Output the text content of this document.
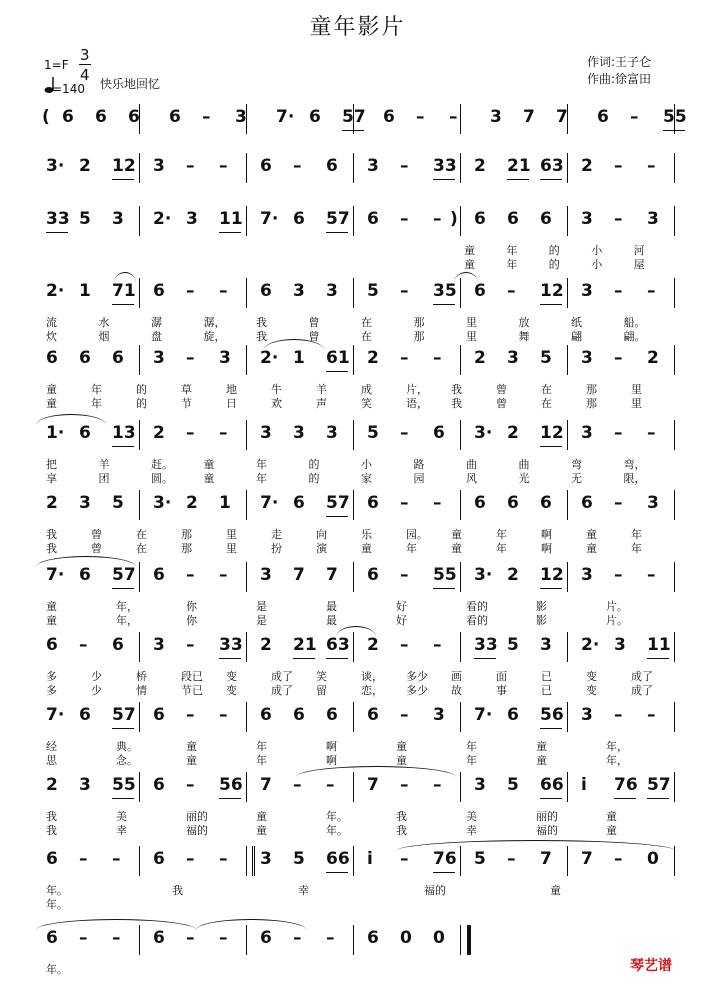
童年影片
1=F
3
4
=140 快乐地回忆
作词:王子仑
作曲:徐富田
( 6 6 6 6 – 3 7· 6 57 6 – – 3 7 7 6 – 55
3· 2 12 3 – – 6 – 6 3 – 33 2 21 63 2 – –
33 5 3 2· 3 11 7· 6 57 6 – – ) 6 6 6 3 – 3
童	年	的	小	河
童	年	的	小	屋
2· 1 71 6 – – 6 3 3 5 – 35 6 – 12 3 – –
流	水	潺	潺，	我	曾	在	那	里	放	纸	船。
炊	烟	盘	旋，	我	曾	在	那	里	舞	翩	翩。
6 6 6 3 – 3 2· 1 61 2 – – 2 3 5 3 – 2
童	年	的	草	地	牛	羊	成	片， 我	曾	在	那	里
童	年	的	节	日	欢	声	笑	语， 我	曾	在	那	里
1· 6 13 2 – – 3 3 3 5 – 6 3· 2 12 3 – –
把	羊	赶。	童	年	的	小	路	曲	曲	弯	弯，
享	团	圆。	童	年	的	家	园	风	光	无	限，
2 3 5 3· 2 1 7· 6 57 6 – – 6 6 6 6 – 3
我	曾	在	那	里	走	向	乐	园。 童	年	啊	童	年
我	曾	在	那	里	扮	演	童	年	童	年	啊	童	年
7· 6 57 6 – – 3 7 7 6 – 55 3· 2 12 3 – –
童	年，	你	是	最	好	看的	影	片。
童	年，	你	是	最	好	看的	影	片。
6 – 6 3 – 33 2 21 63 2 – – 33 5 3 2· 3 11
多	少	桥	段已 变	成了 笑	谈， 多少 画	面	已	变	成了
多	少	情	节已 变	成了 留	恋， 多少 故	事	已	变	成了
7· 6 57 6 – – 6 6 6 6 – 3 7· 6 56 3 – –
经	典。	童	年	啊	童	年	童	年，
思	念。	童	年	啊	童	年	童	年，
2 3 55 6 – 56 7 – – 7 – – 3 5 66 i 76 57
我	美	丽的	童	年。	我	美	丽的	童
我	幸	福的	童	年。	我	幸	福的	童
6 – – 6 – – 3 5 66 i – 76 5 – 7 7 – 0
年。	我	幸	福的	童
年。
6 – – 6 – – 6 – – 6 0 0
年。	琴艺谱
